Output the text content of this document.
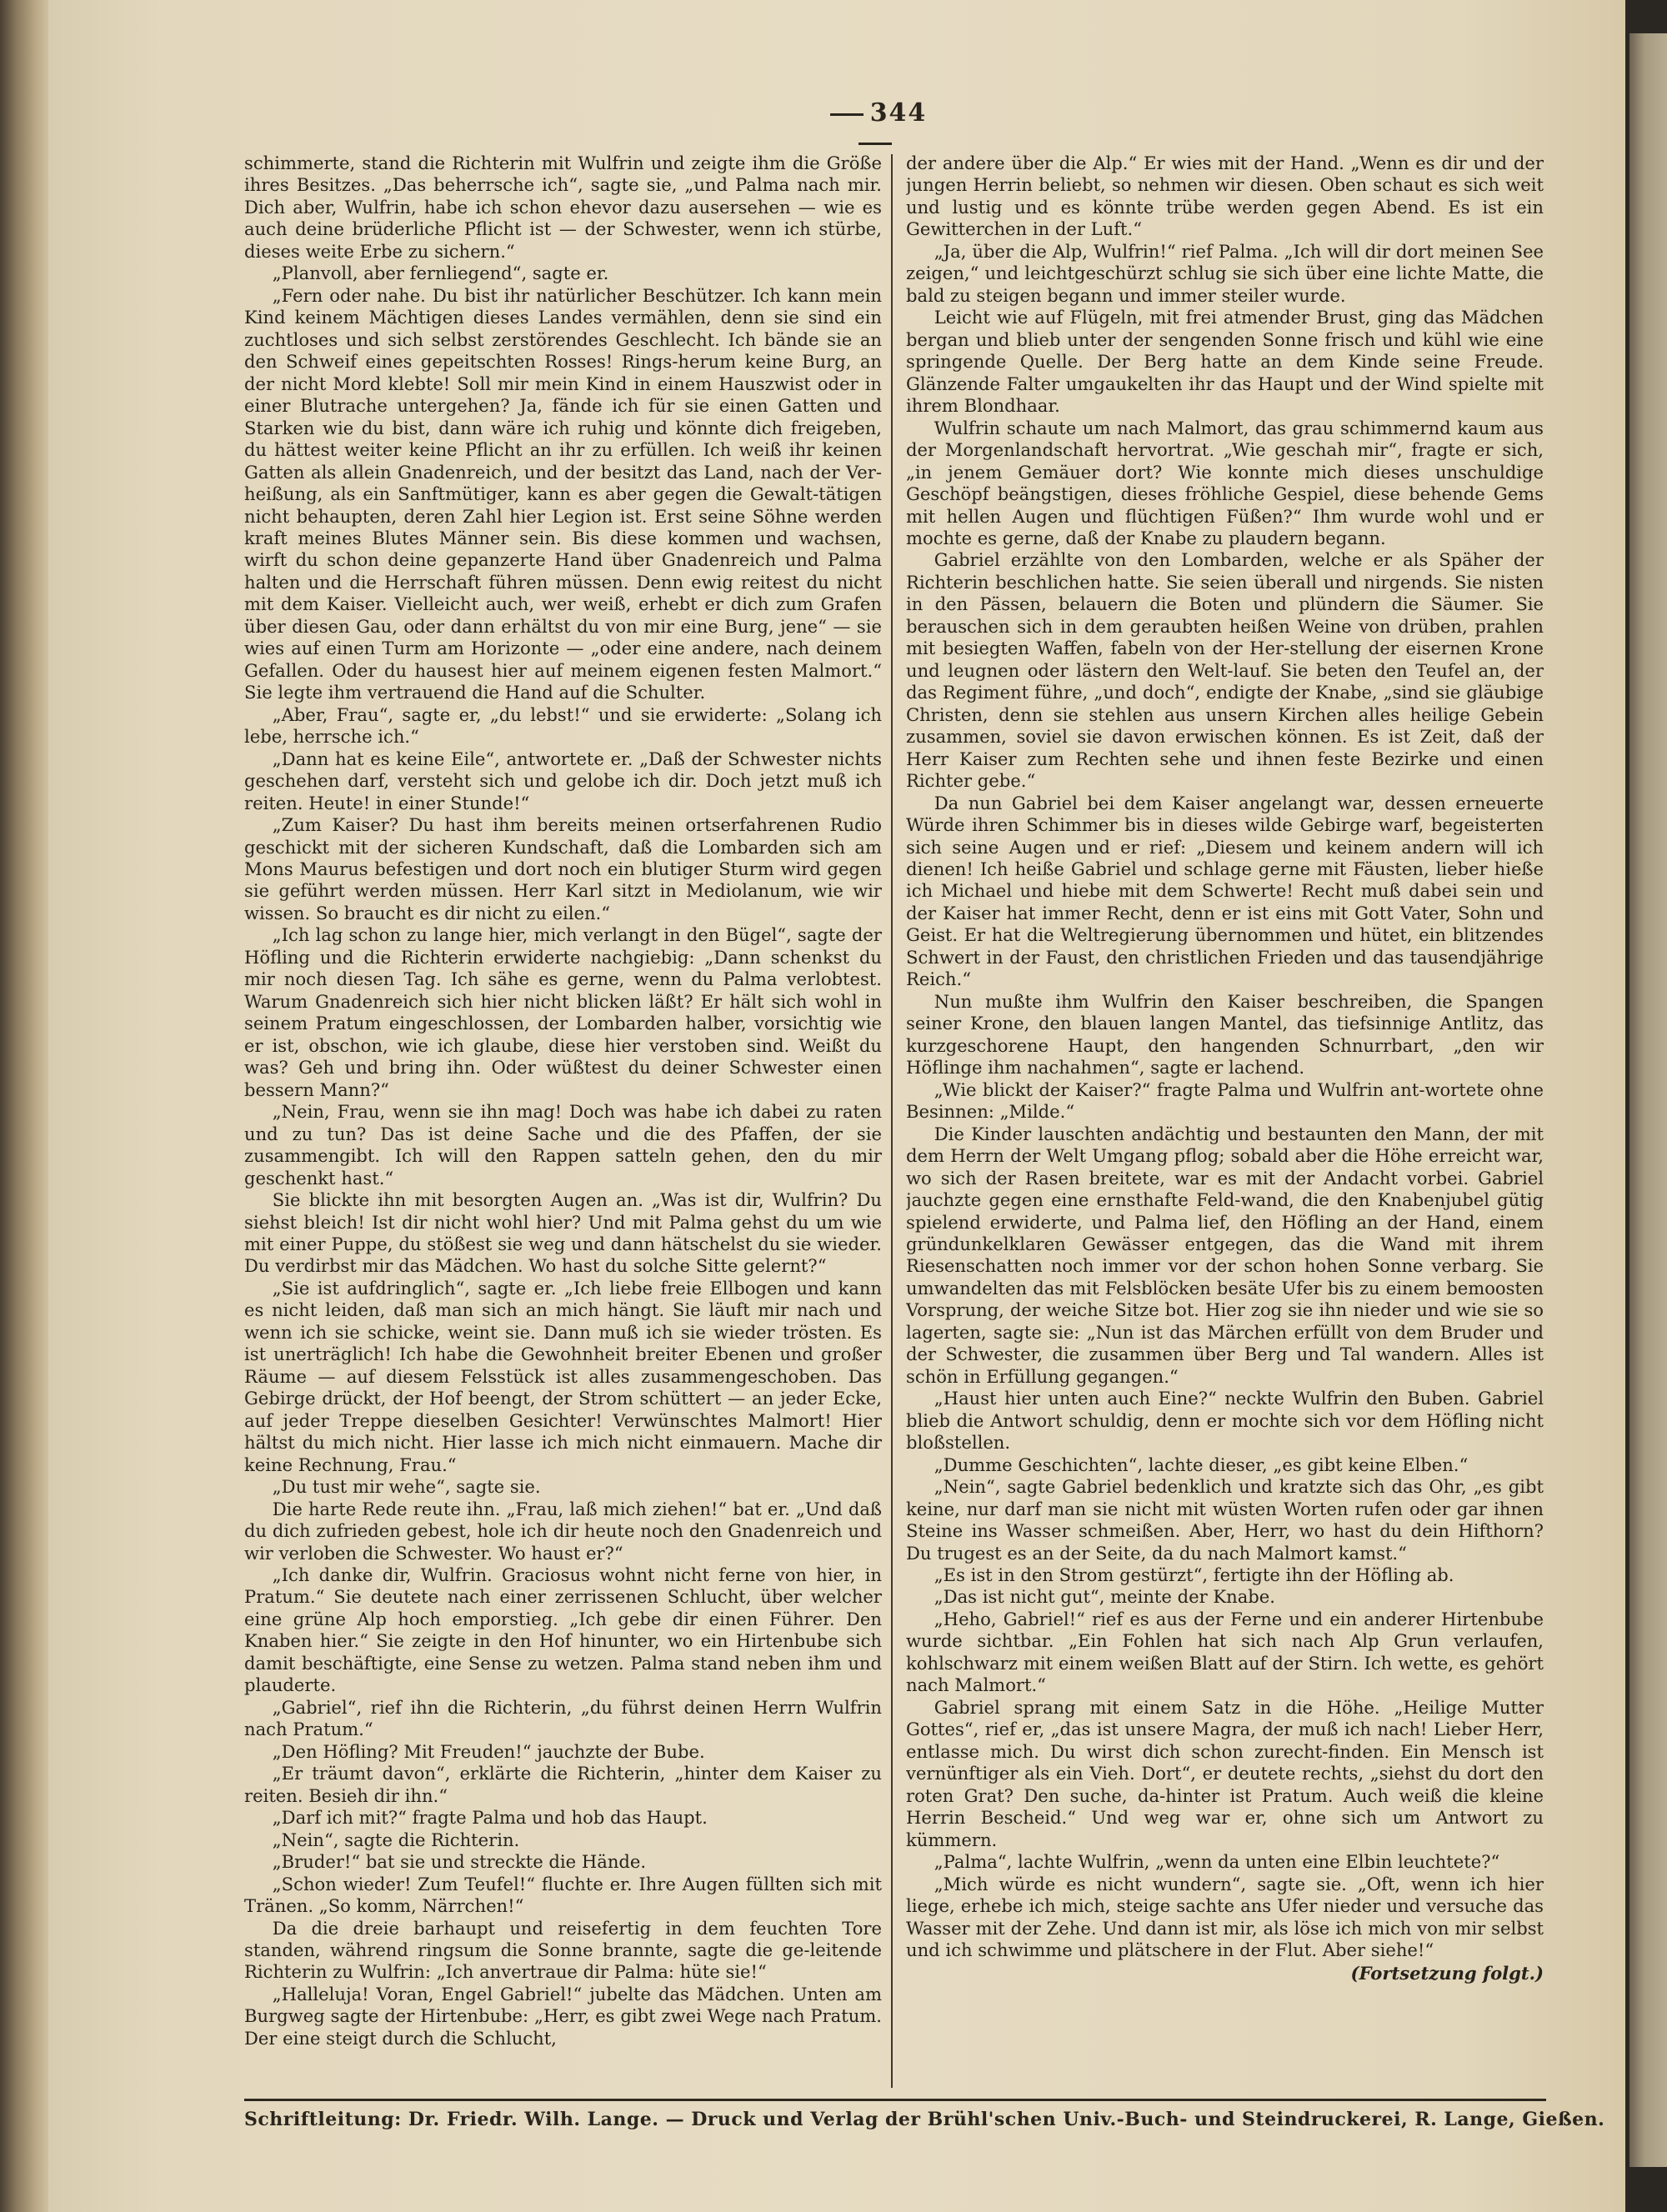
344

schimmerte, stand die Richterin mit Wulfrin und zeigte ihm die Größe ihres Besitzes. „Das beherrsche ich“, sagte sie, „und Palma nach mir. Dich aber, Wulfrin, habe ich schon ehevor dazu ausersehen — wie es auch deine brüderliche Pflicht ist — der Schwester, wenn ich stürbe, dieses weite Erbe zu sichern.“

„Planvoll, aber fernliegend“, sagte er.

„Fern oder nahe. Du bist ihr natürlicher Beschützer. Ich kann mein Kind keinem Mächtigen dieses Landes vermählen, denn sie sind ein zuchtloses und sich selbst zerstörendes Geschlecht. Ich bände sie an den Schweif eines gepeitschten Rosses! Rings-herum keine Burg, an der nicht Mord klebte! Soll mir mein Kind in einem Hauszwist oder in einer Blutrache untergehen? Ja, fände ich für sie einen Gatten und Starken wie du bist, dann wäre ich ruhig und könnte dich freigeben, du hättest weiter keine Pflicht an ihr zu erfüllen. Ich weiß ihr keinen Gatten als allein Gnadenreich, und der besitzt das Land, nach der Ver-heißung, als ein Sanftmütiger, kann es aber gegen die Gewalt-tätigen nicht behaupten, deren Zahl hier Legion ist. Erst seine Söhne werden kraft meines Blutes Männer sein. Bis diese kommen und wachsen, wirft du schon deine gepanzerte Hand über Gnadenreich und Palma halten und die Herrschaft führen müssen. Denn ewig reitest du nicht mit dem Kaiser. Vielleicht auch, wer weiß, erhebt er dich zum Grafen über diesen Gau, oder dann erhältst du von mir eine Burg, jene“ — sie wies auf einen Turm am Horizonte — „oder eine andere, nach deinem Gefallen. Oder du hausest hier auf meinem eigenen festen Malmort.“ Sie legte ihm vertrauend die Hand auf die Schulter.

„Aber, Frau“, sagte er, „du lebst!“ und sie erwiderte: „Solang ich lebe, herrsche ich.“

„Dann hat es keine Eile“, antwortete er. „Daß der Schwester nichts geschehen darf, versteht sich und gelobe ich dir. Doch jetzt muß ich reiten. Heute! in einer Stunde!“

„Zum Kaiser? Du hast ihm bereits meinen ortserfahrenen Rudio geschickt mit der sicheren Kundschaft, daß die Lombarden sich am Mons Maurus befestigen und dort noch ein blutiger Sturm wird gegen sie geführt werden müssen. Herr Karl sitzt in Mediolanum, wie wir wissen. So braucht es dir nicht zu eilen.“

„Ich lag schon zu lange hier, mich verlangt in den Bügel“, sagte der Höfling und die Richterin erwiderte nachgiebig: „Dann schenkst du mir noch diesen Tag. Ich sähe es gerne, wenn du Palma verlobtest. Warum Gnadenreich sich hier nicht blicken läßt? Er hält sich wohl in seinem Pratum eingeschlossen, der Lombarden halber, vorsichtig wie er ist, obschon, wie ich glaube, diese hier verstoben sind. Weißt du was? Geh und bring ihn. Oder wüßtest du deiner Schwester einen bessern Mann?“

„Nein, Frau, wenn sie ihn mag! Doch was habe ich dabei zu raten und zu tun? Das ist deine Sache und die des Pfaffen, der sie zusammengibt. Ich will den Rappen satteln gehen, den du mir geschenkt hast.“

Sie blickte ihn mit besorgten Augen an. „Was ist dir, Wulfrin? Du siehst bleich! Ist dir nicht wohl hier? Und mit Palma gehst du um wie mit einer Puppe, du stößest sie weg und dann hätschelst du sie wieder. Du verdirbst mir das Mädchen. Wo hast du solche Sitte gelernt?“

„Sie ist aufdringlich“, sagte er. „Ich liebe freie Ellbogen und kann es nicht leiden, daß man sich an mich hängt. Sie läuft mir nach und wenn ich sie schicke, weint sie. Dann muß ich sie wieder trösten. Es ist unerträglich! Ich habe die Gewohnheit breiter Ebenen und großer Räume — auf diesem Felsstück ist alles zusammengeschoben. Das Gebirge drückt, der Hof beengt, der Strom schüttert — an jeder Ecke, auf jeder Treppe dieselben Gesichter! Verwünschtes Malmort! Hier hältst du mich nicht. Hier lasse ich mich nicht einmauern. Mache dir keine Rechnung, Frau.“

„Du tust mir wehe“, sagte sie.

Die harte Rede reute ihn. „Frau, laß mich ziehen!“ bat er. „Und daß du dich zufrieden gebest, hole ich dir heute noch den Gnadenreich und wir verloben die Schwester. Wo haust er?“

„Ich danke dir, Wulfrin. Graciosus wohnt nicht ferne von hier, in Pratum.“ Sie deutete nach einer zerrissenen Schlucht, über welcher eine grüne Alp hoch emporstieg. „Ich gebe dir einen Führer. Den Knaben hier.“ Sie zeigte in den Hof hinunter, wo ein Hirtenbube sich damit beschäftigte, eine Sense zu wetzen. Palma stand neben ihm und plauderte.

„Gabriel“, rief ihn die Richterin, „du führst deinen Herrn Wulfrin nach Pratum.“

„Den Höfling? Mit Freuden!“ jauchzte der Bube.

„Er träumt davon“, erklärte die Richterin, „hinter dem Kaiser zu reiten. Besieh dir ihn.“

„Darf ich mit?“ fragte Palma und hob das Haupt.

„Nein“, sagte die Richterin.

„Bruder!“ bat sie und streckte die Hände.

„Schon wieder! Zum Teufel!“ fluchte er. Ihre Augen füllten sich mit Tränen. „So komm, Närrchen!“

Da die dreie barhaupt und reisefertig in dem feuchten Tore standen, während ringsum die Sonne brannte, sagte die ge-leitende Richterin zu Wulfrin: „Ich anvertraue dir Palma: hüte sie!“

„Halleluja! Voran, Engel Gabriel!“ jubelte das Mädchen. Unten am Burgweg sagte der Hirtenbube: „Herr, es gibt zwei Wege nach Pratum. Der eine steigt durch die Schlucht,

der andere über die Alp.“ Er wies mit der Hand. „Wenn es dir und der jungen Herrin beliebt, so nehmen wir diesen. Oben schaut es sich weit und lustig und es könnte trübe werden gegen Abend. Es ist ein Gewitterchen in der Luft.“

„Ja, über die Alp, Wulfrin!“ rief Palma. „Ich will dir dort meinen See zeigen,“ und leichtgeschürzt schlug sie sich über eine lichte Matte, die bald zu steigen begann und immer steiler wurde.

Leicht wie auf Flügeln, mit frei atmender Brust, ging das Mädchen bergan und blieb unter der sengenden Sonne frisch und kühl wie eine springende Quelle. Der Berg hatte an dem Kinde seine Freude. Glänzende Falter umgaukelten ihr das Haupt und der Wind spielte mit ihrem Blondhaar.

Wulfrin schaute um nach Malmort, das grau schimmernd kaum aus der Morgenlandschaft hervortrat. „Wie geschah mir“, fragte er sich, „in jenem Gemäuer dort? Wie konnte mich dieses unschuldige Geschöpf beängstigen, dieses fröhliche Gespiel, diese behende Gems mit hellen Augen und flüchtigen Füßen?“ Ihm wurde wohl und er mochte es gerne, daß der Knabe zu plaudern begann.

Gabriel erzählte von den Lombarden, welche er als Späher der Richterin beschlichen hatte. Sie seien überall und nirgends. Sie nisten in den Pässen, belauern die Boten und plündern die Säumer. Sie berauschen sich in dem geraubten heißen Weine von drüben, prahlen mit besiegten Waffen, fabeln von der Her-stellung der eisernen Krone und leugnen oder lästern den Welt-lauf. Sie beten den Teufel an, der das Regiment führe, „und doch“, endigte der Knabe, „sind sie gläubige Christen, denn sie stehlen aus unsern Kirchen alles heilige Gebein zusammen, soviel sie davon erwischen können. Es ist Zeit, daß der Herr Kaiser zum Rechten sehe und ihnen feste Bezirke und einen Richter gebe.“

Da nun Gabriel bei dem Kaiser angelangt war, dessen erneuerte Würde ihren Schimmer bis in dieses wilde Gebirge warf, begeisterten sich seine Augen und er rief: „Diesem und keinem andern will ich dienen! Ich heiße Gabriel und schlage gerne mit Fäusten, lieber hieße ich Michael und hiebe mit dem Schwerte! Recht muß dabei sein und der Kaiser hat immer Recht, denn er ist eins mit Gott Vater, Sohn und Geist. Er hat die Weltregierung übernommen und hütet, ein blitzendes Schwert in der Faust, den christlichen Frieden und das tausendjährige Reich.“

Nun mußte ihm Wulfrin den Kaiser beschreiben, die Spangen seiner Krone, den blauen langen Mantel, das tiefsinnige Antlitz, das kurzgeschorene Haupt, den hangenden Schnurrbart, „den wir Höflinge ihm nachahmen“, sagte er lachend.

„Wie blickt der Kaiser?“ fragte Palma und Wulfrin ant-wortete ohne Besinnen: „Milde.“

Die Kinder lauschten andächtig und bestaunten den Mann, der mit dem Herrn der Welt Umgang pflog; sobald aber die Höhe erreicht war, wo sich der Rasen breitete, war es mit der Andacht vorbei. Gabriel jauchzte gegen eine ernsthafte Feld-wand, die den Knabenjubel gütig spielend erwiderte, und Palma lief, den Höfling an der Hand, einem gründunkelklaren Gewässer entgegen, das die Wand mit ihrem Riesenschatten noch immer vor der schon hohen Sonne verbarg. Sie umwandelten das mit Felsblöcken besäte Ufer bis zu einem bemoosten Vorsprung, der weiche Sitze bot. Hier zog sie ihn nieder und wie sie so lagerten, sagte sie: „Nun ist das Märchen erfüllt von dem Bruder und der Schwester, die zusammen über Berg und Tal wandern. Alles ist schön in Erfüllung gegangen.“

„Haust hier unten auch Eine?“ neckte Wulfrin den Buben. Gabriel blieb die Antwort schuldig, denn er mochte sich vor dem Höfling nicht bloßstellen.

„Dumme Geschichten“, lachte dieser, „es gibt keine Elben.“

„Nein“, sagte Gabriel bedenklich und kratzte sich das Ohr, „es gibt keine, nur darf man sie nicht mit wüsten Worten rufen oder gar ihnen Steine ins Wasser schmeißen. Aber, Herr, wo hast du dein Hifthorn? Du trugest es an der Seite, da du nach Malmort kamst.“

„Es ist in den Strom gestürzt“, fertigte ihn der Höfling ab.

„Das ist nicht gut“, meinte der Knabe.

„Heho, Gabriel!“ rief es aus der Ferne und ein anderer Hirtenbube wurde sichtbar. „Ein Fohlen hat sich nach Alp Grun verlaufen, kohlschwarz mit einem weißen Blatt auf der Stirn. Ich wette, es gehört nach Malmort.“

Gabriel sprang mit einem Satz in die Höhe. „Heilige Mutter Gottes“, rief er, „das ist unsere Magra, der muß ich nach! Lieber Herr, entlasse mich. Du wirst dich schon zurecht-finden. Ein Mensch ist vernünftiger als ein Vieh. Dort“, er deutete rechts, „siehst du dort den roten Grat? Den suche, da-hinter ist Pratum. Auch weiß die kleine Herrin Bescheid.“ Und weg war er, ohne sich um Antwort zu kümmern.

„Palma“, lachte Wulfrin, „wenn da unten eine Elbin leuchtete?“

„Mich würde es nicht wundern“, sagte sie. „Oft, wenn ich hier liege, erhebe ich mich, steige sachte ans Ufer nieder und versuche das Wasser mit der Zehe. Und dann ist mir, als löse ich mich von mir selbst und ich schwimme und plätschere in der Flut. Aber siehe!“

(Fortsetzung folgt.)
Schriftleitung: Dr. Friedr. Wilh. Lange. — Druck und Verlag der Brühl'schen Univ.-Buch- und Steindruckerei, R. Lange, Gießen.
